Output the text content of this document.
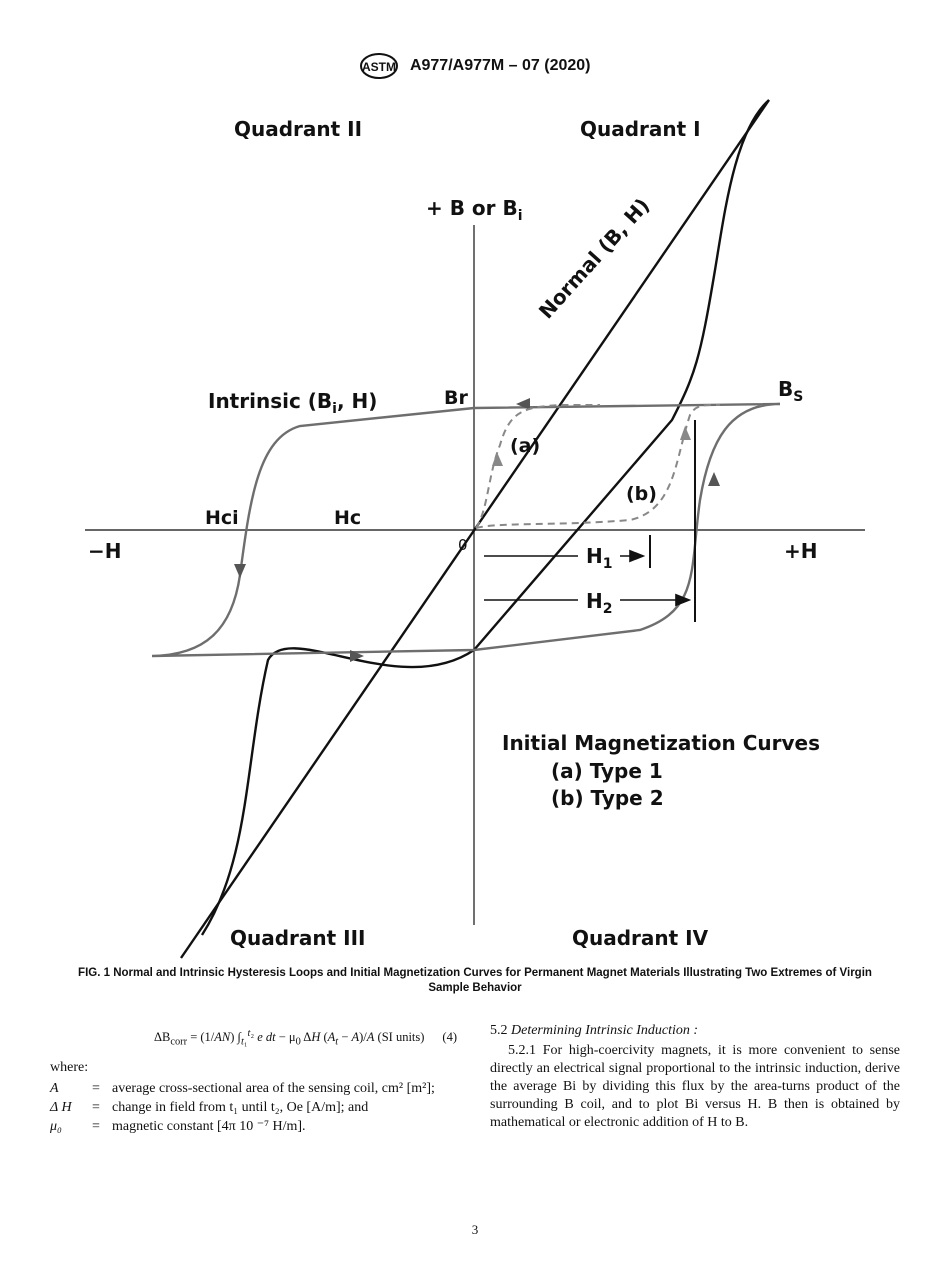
ASTM A977/A977M – 07 (2020)
Quadrant II	Quadrant I
Quadrant III	Quadrant IV
+ B or $B_i$
−H	+H
0
Normal (B, H)
Intrinsic ($B_i$, H)	Br	$B_S$
Hci	Hc
(a)
(b)
$H_1$
$H_2$
Initial Magnetization Curves
(a) Type 1
(b) Type 2
FIG. 1 Normal and Intrinsic Hysteresis Loops and Initial Magnetization Curves for Permanent Magnet Materials Illustrating Two Extremes of Virgin Sample Behavior
$\Delta B_{corr} = (1/AN)$ $\int_{t_1}^{t_2}$ e dt − $\mu_0$ ΔH $(A_t - A)/A$ (SI units) (4)
where:
A	= average cross-sectional area of the sensing coil, cm² [m²];
Δ H	= change in field from t₁ until t₂, Oe [A/m]; and
μ₀	= magnetic constant [4π 10 ⁻⁷ H/m].
5.2 Determining Intrinsic Induction :
5.2.1 For high-coercivity magnets, it is more convenient to sense directly an electrical signal proportional to the intrinsic induction, derive the average Bi by dividing this flux by the area-turns product of the surrounding B coil, and to plot Bi versus H. B then is obtained by mathematical or electronic addition of H to B.
3
